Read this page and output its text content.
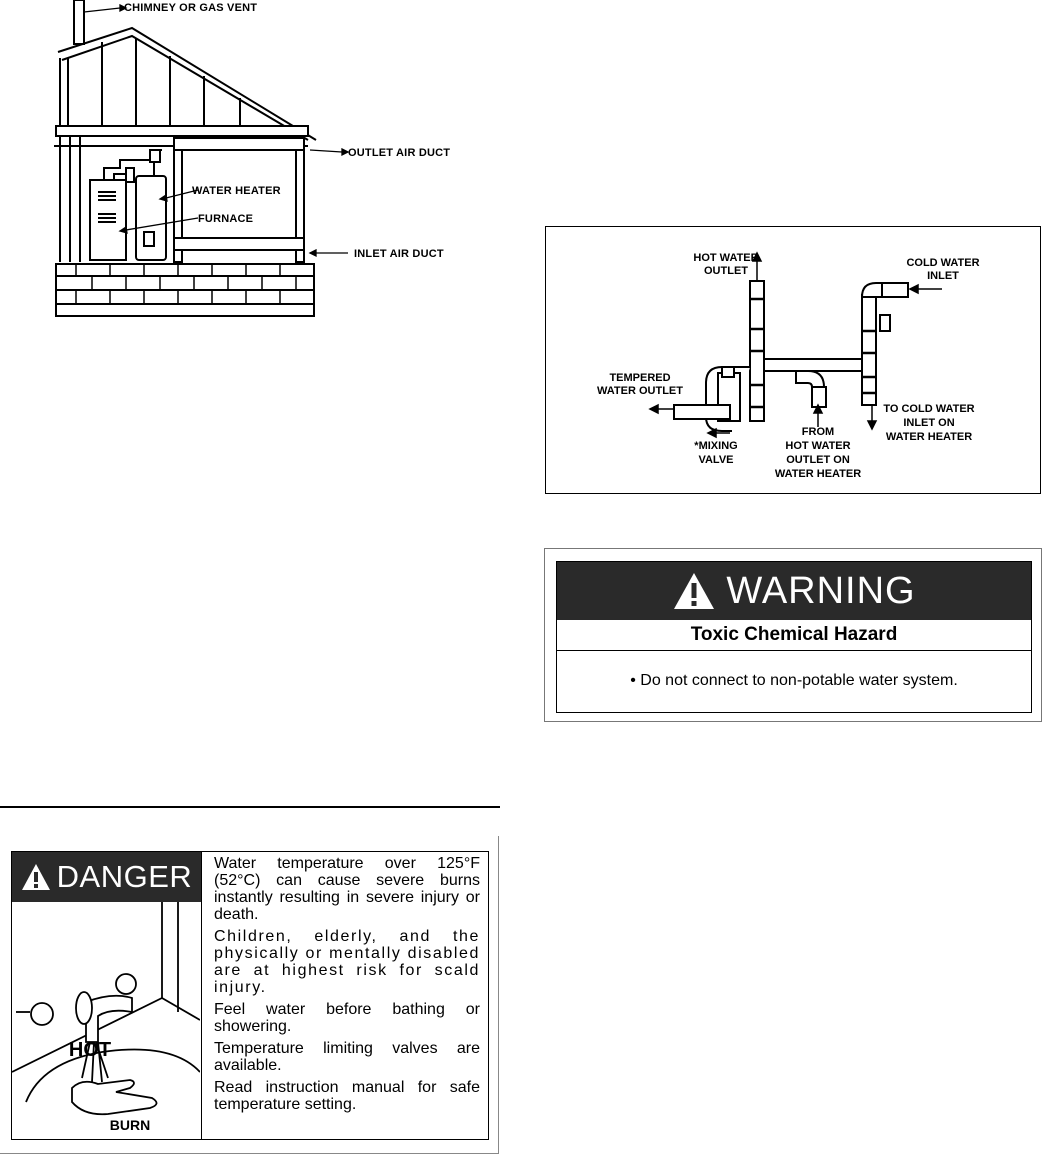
CHIMNEY OR GAS VENT
OUTLET AIR DUCT
WATER HEATER
FURNACE
INLET AIR DUCT	HOT WATER
OUTLET
COLD WATER
INLET
TEMPERED
WATER OUTLET
TO COLD WATER
INLET ON
WATER HEATER
*MIXING
VALVE
FROM
HOT WATER
OUTLET ON
WATER HEATER
WARNING
Toxic Chemical Hazard
• Do not connect to non-potable water system.
DANGER
HOT
BURN

Water temperature over 125°F (52°C) can cause severe burns instantly resulting in severe injury or death.

Children, elderly, and the physically or mentally disabled are at highest risk for scald injury.

Feel water before bathing or showering.

Temperature limiting valves are available.

Read instruction manual for safe temperature setting.
